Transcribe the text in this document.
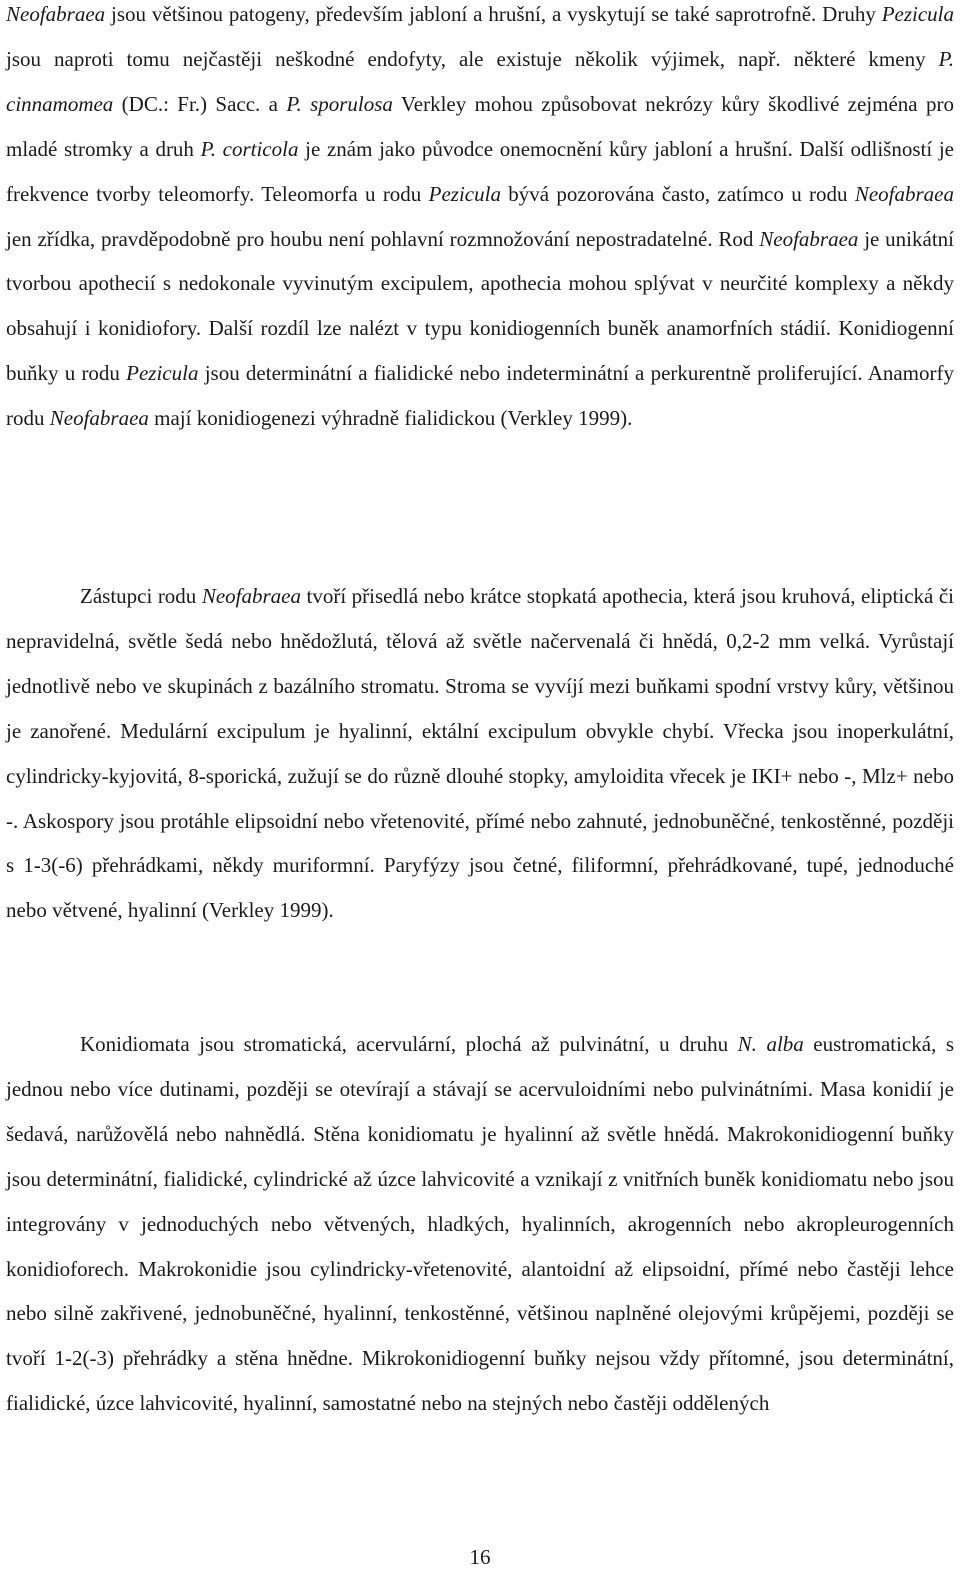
Neofabraea jsou většinou patogeny, především jabloní a hrušní, a vyskytují se také saprotrofně. Druhy Pezicula jsou naproti tomu nejčastěji neškodné endofyty, ale existuje několik výjimek, např. některé kmeny P. cinnamomea (DC.: Fr.) Sacc. a P. sporulosa Verkley mohou způsobovat nekrózy kůry škodlivé zejména pro mladé stromky a druh P. corticola je znám jako původce onemocnění kůry jabloní a hrušní. Další odlišností je frekvence tvorby teleomorfy. Teleomorfa u rodu Pezicula bývá pozorována často, zatímco u rodu Neofabraea jen zřídka, pravděpodobně pro houbu není pohlavní rozmnožování nepostradatelné. Rod Neofabraea je unikátní tvorbou apothecií s nedokonale vyvinutým excipulem, apothecia mohou splývat v neurčité komplexy a někdy obsahují i konidiofory. Další rozdíl lze nalézt v typu konidiogenních buněk anamorfních stádií. Konidiogenní buňky u rodu Pezicula jsou determinátní a fialidické nebo indeterminátní a perkurentně proliferující. Anamorfy rodu Neofabraea mají konidiogenezi výhradně fialidickou (Verkley 1999).

Zástupci rodu Neofabraea tvoří přisedlá nebo krátce stopkatá apothecia, která jsou kruhová, eliptická či nepravidelná, světle šedá nebo hnědožlutá, tělová až světle načervenalá či hnědá, 0,2-2 mm velká. Vyrůstají jednotlivě nebo ve skupinách z bazálního stromatu. Stroma se vyvíjí mezi buňkami spodní vrstvy kůry, většinou je zanořené. Medulární excipulum je hyalinní, ektální excipulum obvykle chybí. Vřecka jsou inoperkulátní, cylindricky-kyjovitá, 8-sporická, zužují se do různě dlouhé stopky, amyloidita vřecek je IKI+ nebo -, Mlz+ nebo -. Askospory jsou protáhle elipsoidní nebo vřetenovité, přímé nebo zahnuté, jednobuněčné, tenkostěnné, později s 1-3(-6) přehrádkami, někdy muriformní. Paryfýzy jsou četné, filiformní, přehrádkované, tupé, jednoduché nebo větvené, hyalinní (Verkley 1999).

Konidiomata jsou stromatická, acervulární, plochá až pulvinátní, u druhu N. alba eustromatická, s jednou nebo více dutinami, později se otevírají a stávají se acervuloidními nebo pulvinátními. Masa konidií je šedavá, narůžovělá nebo nahnědlá. Stěna konidiomatu je hyalinní až světle hnědá. Makrokonidiogenní buňky jsou determinátní, fialidické, cylindrické až úzce lahvicovité a vznikají z vnitřních buněk konidiomatu nebo jsou integrovány v jednoduchých nebo větvených, hladkých, hyalinních, akrogenních nebo akropleurogenních konidioforech. Makrokonidie jsou cylindricky-vřetenovité, alantoidní až elipsoidní, přímé nebo častěji lehce nebo silně zakřivené, jednobuněčné, hyalinní, tenkostěnné, většinou naplněné olejovými krůpějemi, později se tvoří 1-2(-3) přehrádky a stěna hnědne. Mikrokonidiogenní buňky nejsou vždy přítomné, jsou determinátní, fialidické, úzce lahvicovité, hyalinní, samostatné nebo na stejných nebo častěji oddělených

16
